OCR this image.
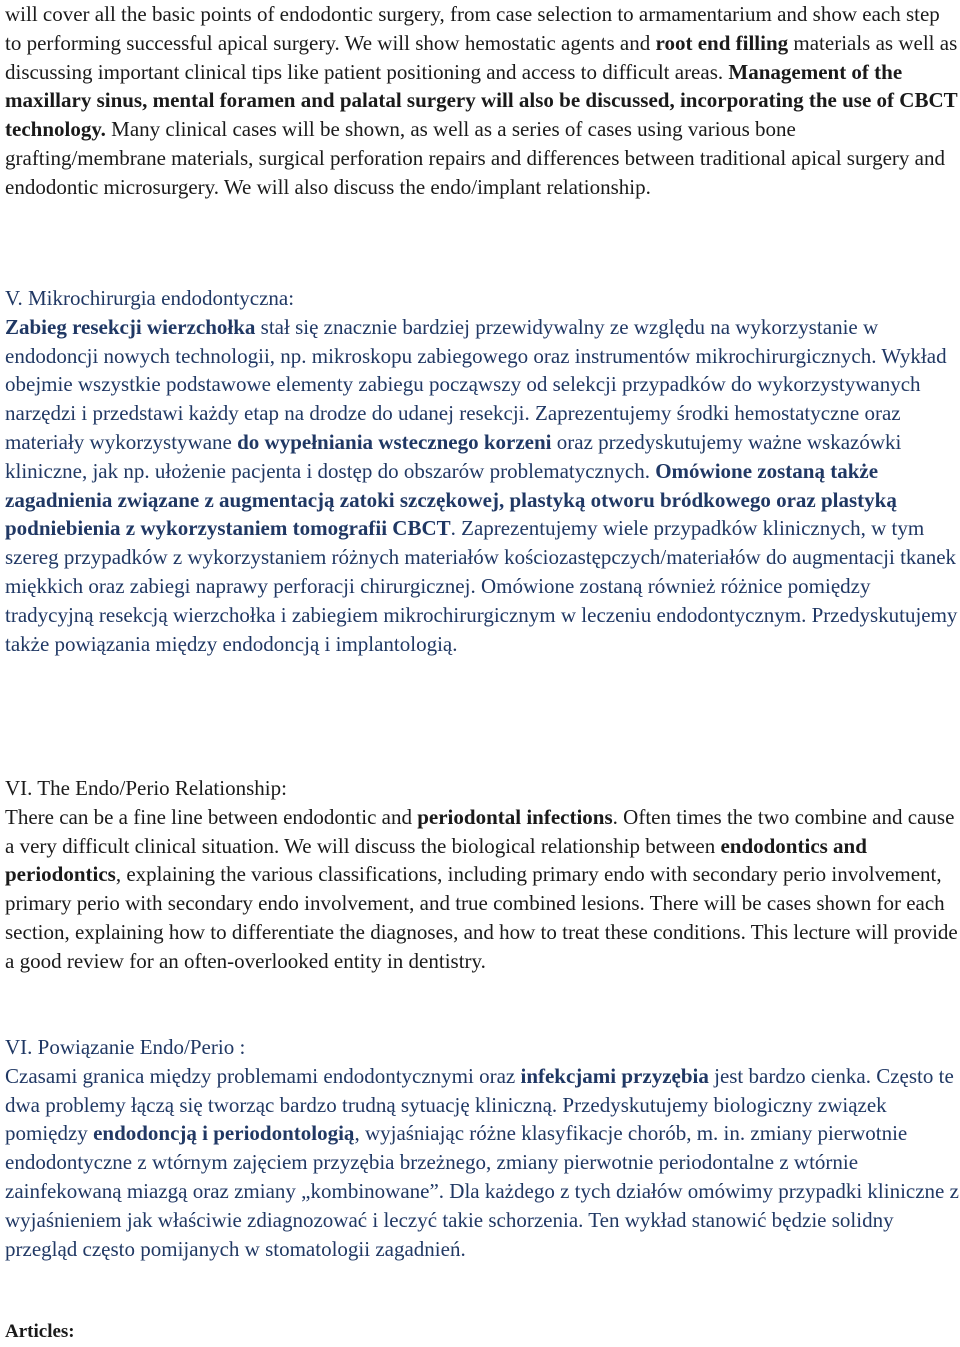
will cover all the basic points of endodontic surgery, from case selection to armamentarium and show each step to performing successful apical surgery. We will show hemostatic agents and root end filling materials as well as discussing important clinical tips like patient positioning and access to difficult areas. Management of the maxillary sinus, mental foramen and palatal surgery will also be discussed, incorporating the use of CBCT technology. Many clinical cases will be shown, as well as a series of cases using various bone grafting/membrane materials, surgical perforation repairs and differences between traditional apical surgery and endodontic microsurgery. We will also discuss the endo/implant relationship.

V. Mikrochirurgia endodontyczna:
Zabieg resekcji wierzchołka stał się znacznie bardziej przewidywalny ze względu na wykorzystanie w endodoncji nowych technologii, np. mikroskopu zabiegowego oraz instrumentów mikrochirurgicznych. Wykład obejmie wszystkie podstawowe elementy zabiegu począwszy od selekcji przypadków do wykorzystywanych narzędzi i przedstawi każdy etap na drodze do udanej resekcji. Zaprezentujemy środki hemostatyczne oraz materiały wykorzystywane do wypełniania wstecznego korzeni oraz przedyskutujemy ważne wskazówki kliniczne, jak np. ułożenie pacjenta i dostęp do obszarów problematycznych. Omówione zostaną także zagadnienia związane z augmentacją zatoki szczękowej, plastyką otworu bródkowego oraz plastyką podniebienia z wykorzystaniem tomografii CBCT. Zaprezentujemy wiele przypadków klinicznych, w tym szereg przypadków z wykorzystaniem różnych materiałów kościozastępczych/materiałów do augmentacji tkanek miękkich oraz zabiegi naprawy perforacji chirurgicznej. Omówione zostaną również różnice pomiędzy tradycyjną resekcją wierzchołka i zabiegiem mikrochirurgicznym w leczeniu endodontycznym. Przedyskutujemy także powiązania między endodoncją i implantologią.

VI. The Endo/Perio Relationship:
There can be a fine line between endodontic and periodontal infections. Often times the two combine and cause a very difficult clinical situation. We will discuss the biological relationship between endodontics and periodontics, explaining the various classifications, including primary endo with secondary perio involvement, primary perio with secondary endo involvement, and true combined lesions. There will be cases shown for each section, explaining how to differentiate the diagnoses, and how to treat these conditions. This lecture will provide a good review for an often-overlooked entity in dentistry.

VI. Powiązanie Endo/Perio :
Czasami granica między problemami endodontycznymi oraz infekcjami przyzębia jest bardzo cienka. Często te dwa problemy łączą się tworząc bardzo trudną sytuację kliniczną. Przedyskutujemy biologiczny związek pomiędzy endodoncją i periodontologią, wyjaśniając różne klasyfikacje chorób, m. in. zmiany pierwotnie endodontyczne z wtórnym zajęciem przyzębia brzeżnego, zmiany pierwotnie periodontalne z wtórnie zainfekowaną miazgą oraz zmiany „kombinowane”. Dla każdego z tych działów omówimy przypadki kliniczne z wyjaśnieniem jak właściwie zdiagnozować i leczyć takie schorzenia. Ten wykład stanowić będzie solidny przegląd często pomijanych w stomatologii zagadnień.

Articles:
